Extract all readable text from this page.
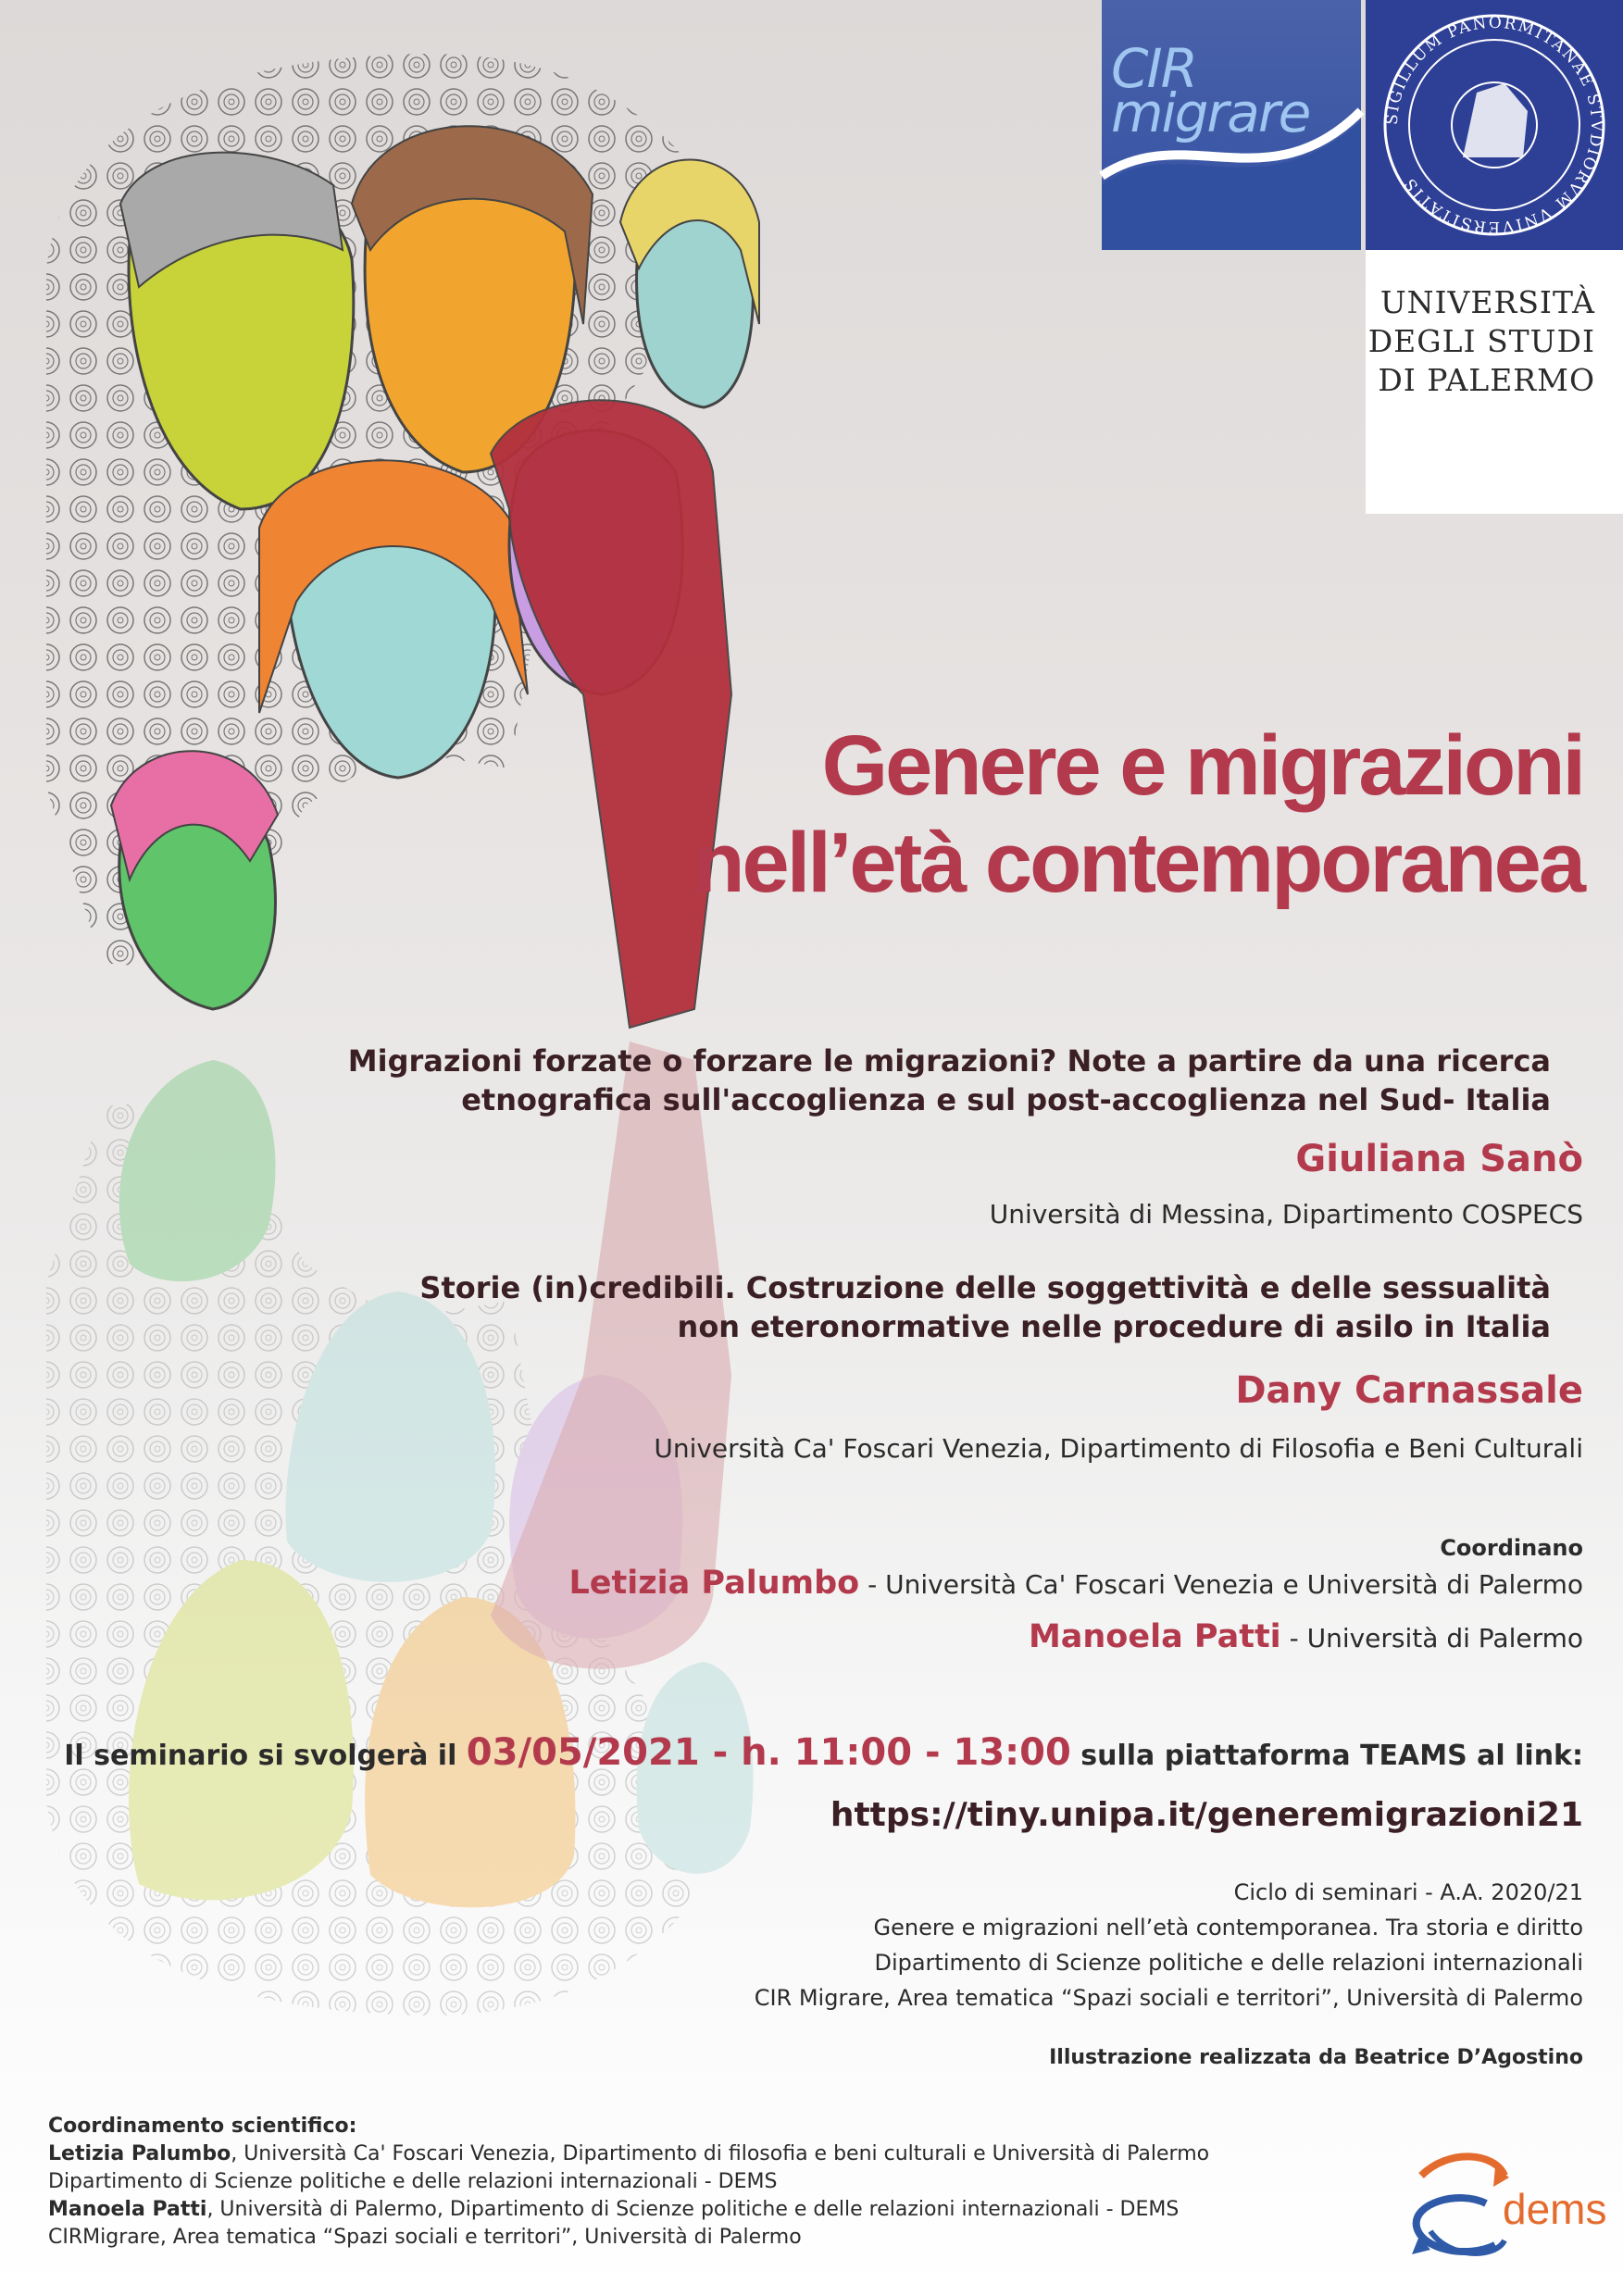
CIR migrare	SIGILLUM PANORMITANAE STVDIORVM VNIVERSITATIS
UNIVERSITÀ
DEGLI STUDI
DI PALERMO
Genere e migrazioni
nell’età contemporanea
Migrazioni forzate o forzare le migrazioni? Note a partire da una ricerca
etnografica sull'accoglienza e sul post-accoglienza nel Sud- Italia
Giuliana Sanò
Università di Messina, Dipartimento COSPECS
Storie (in)credibili. Costruzione delle soggettività e delle sessualità
non eteronormative nelle procedure di asilo in Italia
Dany Carnassale
Università Ca' Foscari Venezia, Dipartimento di Filosofia e Beni Culturali
Coordinano
Letizia Palumbo - Università Ca' Foscari Venezia e Università di Palermo
Manoela Patti - Università di Palermo
Il seminario si svolgerà il 03/05/2021 - h. 11:00 - 13:00 sulla piattaforma TEAMS al link:
https://tiny.unipa.it/generemigrazioni21
Ciclo di seminari - A.A. 2020/21
Genere e migrazioni nell’età contemporanea. Tra storia e diritto
Dipartimento di Scienze politiche e delle relazioni internazionali
CIR Migrare, Area tematica “Spazi sociali e territori”, Università di Palermo
Illustrazione realizzata da Beatrice D’Agostino
Coordinamento scientifico:
Letizia Palumbo, Università Ca' Foscari Venezia, Dipartimento di filosofia e beni culturali e Università di Palermo
Dipartimento di Scienze politiche e delle relazioni internazionali - DEMS
Manoela Patti, Università di Palermo, Dipartimento di Scienze politiche e delle relazioni internazionali - DEMS
CIRMigrare, Area tematica “Spazi sociali e territori”, Università di Palermo
dems
